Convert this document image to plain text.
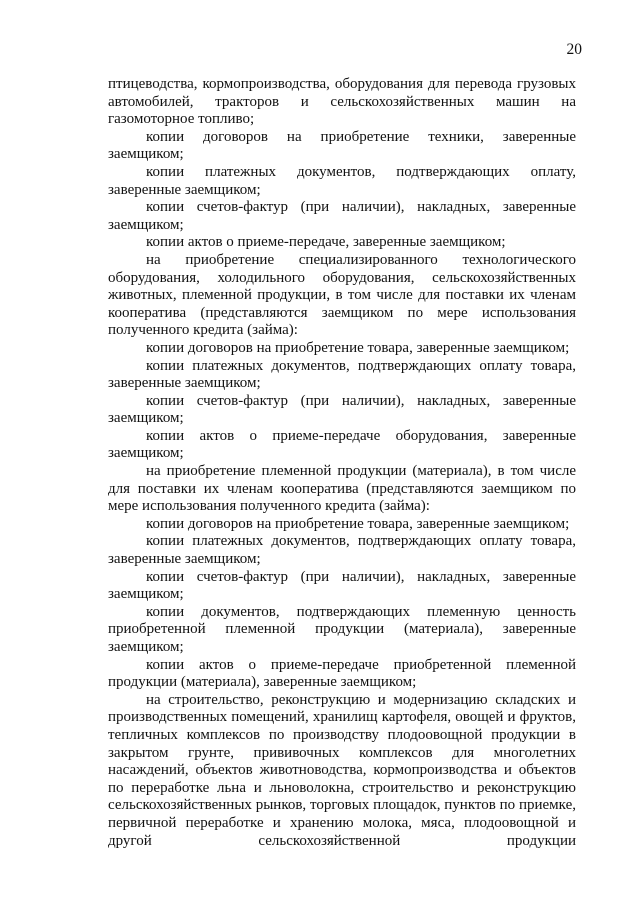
20

птицеводства, кормопроизводства, оборудования для перевода грузовых автомобилей, тракторов и сельскохозяйственных машин на газомоторное топливо;

копии договоров на приобретение техники, заверенные заемщиком;

копии платежных документов, подтверждающих оплату, заверенные заемщиком;

копии счетов-фактур (при наличии), накладных, заверенные заемщиком;

копии актов о приеме-передаче, заверенные заемщиком;

на приобретение специализированного технологического оборудования, холодильного оборудования, сельскохозяйственных животных, племенной продукции, в том числе для поставки их членам кооператива (представляются заемщиком по мере использования полученного кредита (займа):

копии договоров на приобретение товара, заверенные заемщиком;

копии платежных документов, подтверждающих оплату товара, заверенные заемщиком;

копии счетов-фактур (при наличии), накладных, заверенные заемщиком;

копии актов о приеме-передаче оборудования, заверенные заемщиком;

на приобретение племенной продукции (материала), в том числе для поставки их членам кооператива (представляются заемщиком по мере использования полученного кредита (займа):

копии договоров на приобретение товара, заверенные заемщиком;

копии платежных документов, подтверждающих оплату товара, заверенные заемщиком;

копии счетов-фактур (при наличии), накладных, заверенные заемщиком;

копии документов, подтверждающих племенную ценность приобретенной племенной продукции (материала), заверенные заемщиком;

копии актов о приеме-передаче приобретенной племенной продукции (материала), заверенные заемщиком;

на строительство, реконструкцию и модернизацию складских и производственных помещений, хранилищ картофеля, овощей и фруктов, тепличных комплексов по производству плодоовощной продукции в закрытом грунте, прививочных комплексов для многолетних насаждений, объектов животноводства, кормопроизводства и объектов по переработке льна и льноволокна, строительство и реконструкцию сельскохозяйственных рынков, торговых площадок, пунктов по приемке, первичной переработке и хранению молока, мяса, плодоовощной и другой сельскохозяйственной продукции
